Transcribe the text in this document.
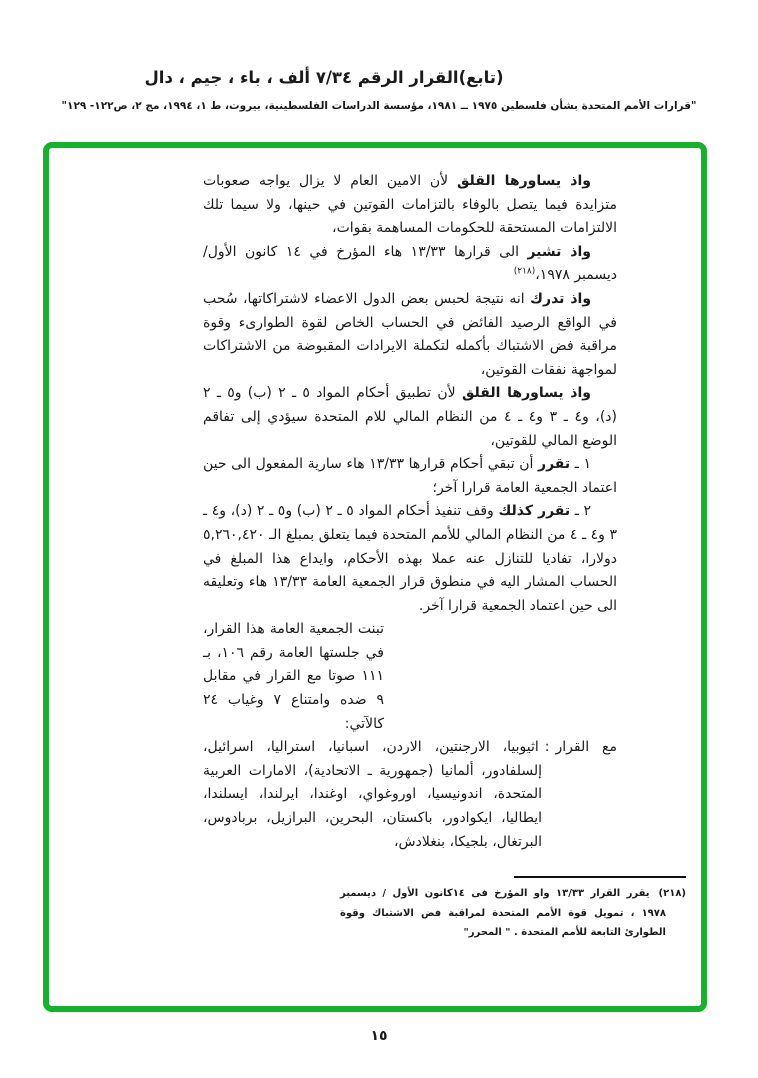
(تابع)القرار الرقم ٧/٣٤ ألف ، باء ، جيم ، دال
"قرارات الأمم المتحدة بشأن فلسطين ١٩٧٥ ــ ١٩٨١، مؤسسة الدراسات الفلسطينية، بيروت، ط ١، ١٩٩٤، مج ٢، ص١٢٢- ١٢٩"

واذ يساورها القلق لأن الامين العام لا يزال يواجه صعوبات متزايدة فيما يتصل بالوفاء بالتزامات القوتين في حينها، ولا سيما تلك الالتزامات المستحقة للحكومات المساهمة بقوات،

واذ تشير الى قرارها ١٣/٣٣ هاء المؤرخ في ١٤ كانون الأول/ ديسمبر ١٩٧٨،$^{(٢١٨)}$

واذ تدرك انه نتيجة لحبس بعض الدول الاعضاء لاشتراكاتها، سُحب في الواقع الرصيد الفائض في الحساب الخاص لقوة الطوارىء وقوة مراقبة فض الاشتباك بأكمله لتكملة الايرادات المقبوضة من الاشتراكات لمواجهة نفقات القوتين،

واذ يساورها القلق لأن تطبيق أحكام المواد ٥ ـ ٢ (ب) و٥ ـ ٢ (د)، و٤ ـ ٣ و٤ ـ ٤ من النظام المالي للام المتحدة سيؤدي إلى تفاقم الوضع المالي للقوتين،

١ ـ تقرر أن تبقي أحكام قرارها ١٣/٣٣ هاء سارية المفعول الى حين اعتماد الجمعية العامة قرارا آخر؛

٢ ـ تقرر كذلك وقف تنفيذ أحكام المواد ٥ ـ ٢ (ب) و٥ ـ ٢ (د)، و٤ ـ ٣ و٤ ـ ٤ من النظام المالي للأمم المتحدة فيما يتعلق بمبلغ الـ ٥,٢٦٠,٤٢٠ دولارا، تفاديا للتنازل عنه عملا بهذه الأحكام، وايداع هذا المبلغ في الحساب المشار اليه في منطوق قرار الجمعية العامة ١٣/٣٣ هاء وتعليقه الى حين اعتماد الجمعية قرارا آخر.

تبنت الجمعية العامة هذا القرار، في جلستها العامة رقم ١٠٦، بـ ١١١ صوتا مع القرار في مقابل ٩ ضده وامتناع ٧ وغياب ٢٤ كالآتي:

مع القرار:اثيوبيا، الارجنتين، الاردن، اسبانيا، استراليا، اسرائيل، إلسلفادور، ألمانيا (جمهورية ـ الاتحادية)، الامارات العربية المتحدة، اندونيسيا، اوروغواي، اوغندا، ايرلندا، ايسلندا، ايطاليا، ايكوادور، باكستان، البحرين، البرازيل، بربادوس، البرتغال، بلجيكا، بنغلادش،

(٢١٨)يقرر القرار ١٣/٣٣ واو المؤرخ فى ١٤كانون الأول / ديسمبر ١٩٧٨ ، تمويل قوة الأمم المتحدة لمراقبة فض الاشتباك وقوة الطوارئ التابعة للأمم المتحدة . " المحرر"

١٥
